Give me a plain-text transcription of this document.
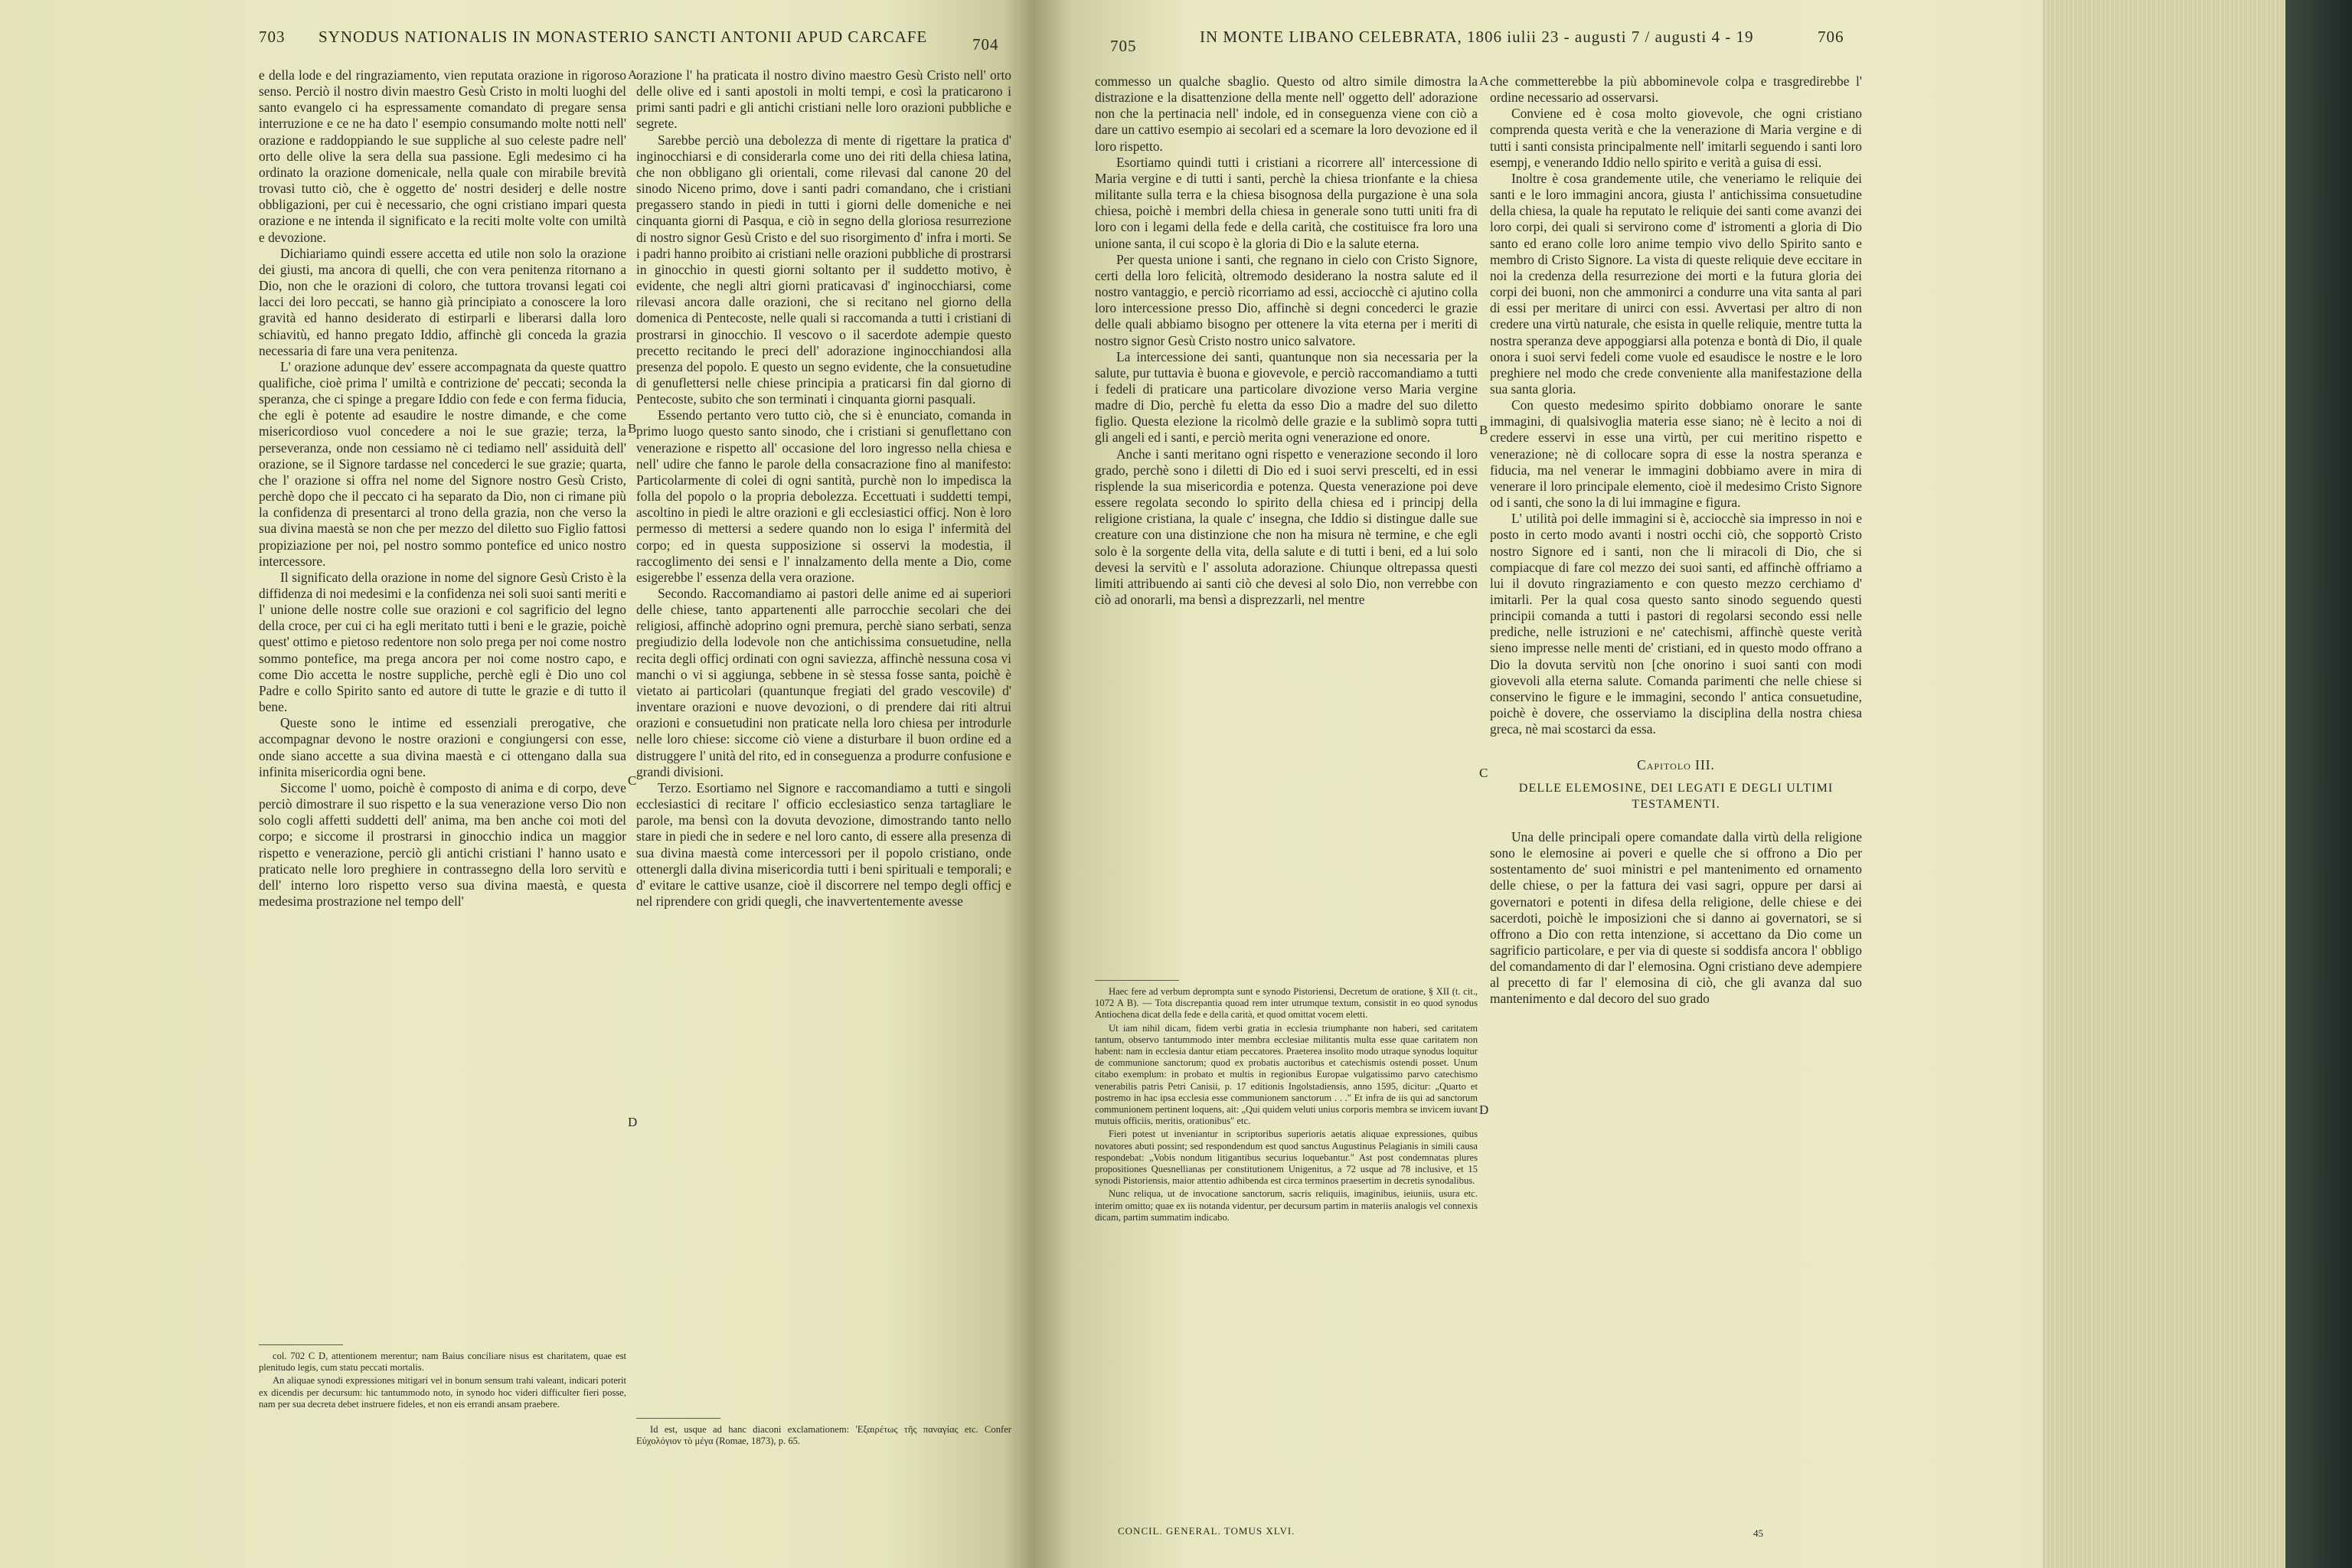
703 SYNODUS NATIONALIS IN MONASTERIO SANCTI ANTONII APUD CARCAFE	704

e della lode e del ringraziamento, vien reputata orazione in rigoroso senso. Perciò il nostro divin maestro Gesù Cristo in molti luoghi del santo evangelo ci ha espressamente comandato di pregare sensa interruzione e ce ne ha dato l' esempio consumando molte notti nell' orazione e raddoppiando le sue suppliche al suo celeste padre nell' orto delle olive la sera della sua passione. Egli medesimo ci ha ordinato la orazione domenicale, nella quale con mirabile brevità trovasi tutto ciò, che è oggetto de' nostri desiderj e delle nostre obbligazioni, per cui è necessario, che ogni cristiano impari questa orazione e ne intenda il significato e la reciti molte volte con umiltà e devozione.

Dichiariamo quindi essere accetta ed utile non solo la orazione dei giusti, ma ancora di quelli, che con vera penitenza ritornano a Dio, non che le orazioni di coloro, che tuttora trovansi legati coi lacci dei loro peccati, se hanno già principiato a conoscere la loro gravità ed hanno desiderato di estirparli e liberarsi dalla loro schiavitù, ed hanno pregato Iddio, affinchè gli conceda la grazia necessaria di fare una vera penitenza.

L' orazione adunque dev' essere accompagnata da queste quattro qualifiche, cioè prima l' umiltà e contrizione de' peccati; seconda la speranza, che ci spinge a pregare Iddio con fede e con ferma fiducia, che egli è potente ad esaudire le nostre dimande, e che come misericordioso vuol concedere a noi le sue grazie; terza, la perseveranza, onde non cessiamo nè ci tediamo nell' assiduità dell' orazione, se il Signore tardasse nel concederci le sue grazie; quarta, che l' orazione si offra nel nome del Signore nostro Gesù Cristo, perchè dopo che il peccato ci ha separato da Dio, non ci rimane più la confidenza di presentarci al trono della grazia, non che verso la sua divina maestà se non che per mezzo del diletto suo Figlio fattosi propiziazione per noi, pel nostro sommo pontefice ed unico nostro intercessore.

Il significato della orazione in nome del signore Gesù Cristo è la diffidenza di noi medesimi e la confidenza nei soli suoi santi meriti e l' unione delle nostre colle sue orazioni e col sagrificio del legno della croce, per cui ci ha egli meritato tutti i beni e le grazie, poichè quest' ottimo e pietoso redentore non solo prega per noi come nostro sommo pontefice, ma prega ancora per noi come nostro capo, e come Dio accetta le nostre suppliche, perchè egli è Dio uno col Padre e collo Spirito santo ed autore di tutte le grazie e di tutto il bene.

Queste sono le intime ed essenziali prerogative, che accompagnar devono le nostre orazioni e congiungersi con esse, onde siano accette a sua divina maestà e ci ottengano dalla sua infinita misericordia ogni bene.

Siccome l' uomo, poichè è composto di anima e di corpo, deve perciò dimostrare il suo rispetto e la sua venerazione verso Dio non solo cogli affetti suddetti dell' anima, ma ben anche coi moti del corpo; e siccome il prostrarsi in ginocchio indica un maggior rispetto e venerazione, perciò gli antichi cristiani l' hanno usato e praticato nelle loro preghiere in contrassegno della loro servitù e dell' interno loro rispetto verso sua divina maestà, e questa medesima prostrazione nel tempo dell'

col. 702 C D, attentionem merentur; nam Baius conciliare nisus est charitatem, quae est plenitudo legis, cum statu peccati mortalis.

An aliquae synodi expressiones mitigari vel in bonum sensum trahi valeant, indicari poterit ex dicendis per decursum: hic tantummodo noto, in synodo hoc videri difficulter fieri posse, nam per sua decreta debet instruere fideles, et non eis errandi ansam praebere.

orazione l' ha praticata il nostro divino maestro Gesù Cristo nell' orto delle olive ed i santi apostoli in molti tempi, e così la praticarono i primi santi padri e gli antichi cristiani nelle loro orazioni pubbliche e segrete.

Sarebbe perciò una debolezza di mente di rigettare la pratica d' inginocchiarsi e di considerarla come uno dei riti della chiesa latina, che non obbligano gli orientali, come rilevasi dal canone 20 del sinodo Niceno primo, dove i santi padri comandano, che i cristiani pregassero stando in piedi in tutti i giorni delle domeniche e nei cinquanta giorni di Pasqua, e ciò in segno della gloriosa resurrezione di nostro signor Gesù Cristo e del suo risorgimento d' infra i morti. Se i padri hanno proibito ai cristiani nelle orazioni pubbliche di prostrarsi in ginocchio in questi giorni soltanto per il suddetto motivo, è evidente, che negli altri giorni praticavasi d' inginocchiarsi, come rilevasi ancora dalle orazioni, che si recitano nel giorno della domenica di Pentecoste, nelle quali si raccomanda a tutti i cristiani di prostrarsi in ginocchio. Il vescovo o il sacerdote adempie questo precetto recitando le preci dell' adorazione inginocchiandosi alla presenza del popolo. E questo un segno evidente, che la consuetudine di genuflettersi nelle chiese principia a praticarsi fin dal giorno di Pentecoste, subito che son terminati i cinquanta giorni pasquali.

Essendo pertanto vero tutto ciò, che si è enunciato, comanda in primo luogo questo santo sinodo, che i cristiani si genuflettano con venerazione e rispetto all' occasione del loro ingresso nella chiesa e nell' udire che fanno le parole della consacrazione fino al manifesto: Particolarmente di colei di ogni santità, purchè non lo impedisca la folla del popolo o la propria debolezza. Eccettuati i suddetti tempi, ascoltino in piedi le altre orazioni e gli ecclesiastici officj. Non è loro permesso di mettersi a sedere quando non lo esiga l' infermità del corpo; ed in questa supposizione si osservi la modestia, il raccoglimento dei sensi e l' innalzamento della mente a Dio, come esigerebbe l' essenza della vera orazione.

Secondo. Raccomandiamo ai pastori delle anime ed ai superiori delle chiese, tanto appartenenti alle parrocchie secolari che dei religiosi, affinchè adoprino ogni premura, perchè siano serbati, senza pregiudizio della lodevole non che antichissima consuetudine, nella recita degli officj ordinati con ogni saviezza, affinchè nessuna cosa vi manchi o vi si aggiunga, sebbene in sè stessa fosse santa, poichè è vietato ai particolari (quantunque fregiati del grado vescovile) d' inventare orazioni e nuove devozioni, o di prendere dai riti altrui orazioni e consuetudini non praticate nella loro chiesa per introdurle nelle loro chiese: siccome ciò viene a disturbare il buon ordine ed a distruggere l' unità del rito, ed in conseguenza a produrre confusione e grandi divisioni.

Terzo. Esortiamo nel Signore e raccomandiamo a tutti e singoli ecclesiastici di recitare l' officio ecclesiastico senza tartagliare le parole, ma bensì con la dovuta devozione, dimostrando tanto nello stare in piedi che in sedere e nel loro canto, di essere alla presenza di sua divina maestà come intercessori per il popolo cristiano, onde ottenergli dalla divina misericordia tutti i beni spirituali e temporali; e d' evitare le cattive usanze, cioè il discorrere nel tempo degli officj e nel riprendere con gridi quegli, che inavvertentemente avesse

Id est, usque ad hanc diaconi exclamationem: 'Εξαιρέτως τῆς παναγίας etc. Confer Εὐχολόγιον τὸ μέγα (Romae, 1873), p. 65.

A
B
C
D
705	IN MONTE LIBANO CELEBRATA, 1806 iulii 23 - augusti 7 / augusti 4 - 19	706

commesso un qualche sbaglio. Questo od altro simile dimostra la distrazione e la disattenzione della mente nell' oggetto dell' adorazione non che la pertinacia nell' indole, ed in conseguenza viene con ciò a dare un cattivo esempio ai secolari ed a scemare la loro devozione ed il loro rispetto.

Esortiamo quindi tutti i cristiani a ricorrere all' intercessione di Maria vergine e di tutti i santi, perchè la chiesa trionfante e la chiesa militante sulla terra e la chiesa bisognosa della purgazione è una sola chiesa, poichè i membri della chiesa in generale sono tutti uniti fra di loro con i legami della fede e della carità, che costituisce fra loro una unione santa, il cui scopo è la gloria di Dio e la salute eterna.

Per questa unione i santi, che regnano in cielo con Cristo Signore, certi della loro felicità, oltremodo desiderano la nostra salute ed il nostro vantaggio, e perciò ricorriamo ad essi, acciocchè ci ajutino colla loro intercessione presso Dio, affinchè si degni concederci le grazie delle quali abbiamo bisogno per ottenere la vita eterna per i meriti di nostro signor Gesù Cristo nostro unico salvatore.

La intercessione dei santi, quantunque non sia necessaria per la salute, pur tuttavia è buona e giovevole, e perciò raccomandiamo a tutti i fedeli di praticare una particolare divozione verso Maria vergine madre di Dio, perchè fu eletta da esso Dio a madre del suo diletto figlio. Questa elezione la ricolmò delle grazie e la sublimò sopra tutti gli angeli ed i santi, e perciò merita ogni venerazione ed onore.

Anche i santi meritano ogni rispetto e venerazione secondo il loro grado, perchè sono i diletti di Dio ed i suoi servi prescelti, ed in essi risplende la sua misericordia e potenza. Questa venerazione poi deve essere regolata secondo lo spirito della chiesa ed i principj della religione cristiana, la quale c' insegna, che Iddio si distingue dalle sue creature con una distinzione che non ha misura nè termine, e che egli solo è la sorgente della vita, della salute e di tutti i beni, ed a lui solo devesi la servitù e l' assoluta adorazione. Chiunque oltrepassa questi limiti attribuendo ai santi ciò che devesi al solo Dio, non verrebbe con ciò ad onorarli, ma bensì a disprezzarli, nel mentre

Haec fere ad verbum deprompta sunt e synodo Pistoriensi, Decretum de oratione, § XII (t. cit., 1072 A B). — Tota discrepantia quoad rem inter utrumque textum, consistit in eo quod synodus Antiochena dicat della fede e della carità, et quod omittat vocem eletti.

Ut iam nihil dicam, fidem verbi gratia in ecclesia triumphante non haberi, sed caritatem tantum, observo tantummodo inter membra ecclesiae militantis multa esse quae caritatem non habent: nam in ecclesia dantur etiam peccatores. Praeterea insolito modo utraque synodus loquitur de communione sanctorum; quod ex probatis auctoribus et catechismis ostendi posset. Unum citabo exemplum: in probato et multis in regionibus Europae vulgatissimo parvo catechismo venerabilis patris Petri Canisii, p. 17 editionis Ingolstadiensis, anno 1595, dicitur: „Quarto et postremo in hac ipsa ecclesia esse communionem sanctorum . . ." Et infra de iis qui ad sanctorum communionem pertinent loquens, ait: „Qui quidem veluti unius corporis membra se invicem iuvant mutuis officiis, meritis, orationibus" etc.

Fieri potest ut inveniantur in scriptoribus superioris aetatis aliquae expressiones, quibus novatores abuti possint; sed respondendum est quod sanctus Augustinus Pelagianis in simili causa respondebat: „Vobis nondum litigantibus securius loquebantur." Ast post condemnatas plures propositiones Quesnellianas per constitutionem Unigenitus, a 72 usque ad 78 inclusive, et 15 synodi Pistoriensis, maior attentio adhibenda est circa terminos praesertim in decretis synodalibus.

Nunc reliqua, ut de invocatione sanctorum, sacris reliquiis, imaginibus, ieiuniis, usura etc. interim omitto; quae ex iis notanda videntur, per decursum partim in materiis analogis vel connexis dicam, partim summatim indicabo.

CONCIL. GENERAL. TOMUS XLVI.

che commetterebbe la più abbominevole colpa e trasgredirebbe l' ordine necessario ad osservarsi.

Conviene ed è cosa molto giovevole, che ogni cristiano comprenda questa verità e che la venerazione di Maria vergine e di tutti i santi consista principalmente nell' imitarli seguendo i santi loro esempj, e venerando Iddio nello spirito e verità a guisa di essi.

Inoltre è cosa grandemente utile, che veneriamo le reliquie dei santi e le loro immagini ancora, giusta l' antichissima consuetudine della chiesa, la quale ha reputato le reliquie dei santi come avanzi dei loro corpi, dei quali si servirono come d' istromenti a gloria di Dio santo ed erano colle loro anime tempio vivo dello Spirito santo e membro di Cristo Signore. La vista di queste reliquie deve eccitare in noi la credenza della resurrezione dei morti e la futura gloria dei corpi dei buoni, non che ammonirci a condurre una vita santa al pari di essi per meritare di unirci con essi. Avvertasi per altro di non credere una virtù naturale, che esista in quelle reliquie, mentre tutta la nostra speranza deve appoggiarsi alla potenza e bontà di Dio, il quale onora i suoi servi fedeli come vuole ed esaudisce le nostre e le loro preghiere nel modo che crede conveniente alla manifestazione della sua santa gloria.

Con questo medesimo spirito dobbiamo onorare le sante immagini, di qualsivoglia materia esse siano; nè è lecito a noi di credere esservi in esse una virtù, per cui meritino rispetto e venerazione; nè di collocare sopra di esse la nostra speranza e fiducia, ma nel venerar le immagini dobbiamo avere in mira di venerare il loro principale elemento, cioè il medesimo Cristo Signore od i santi, che sono la di lui immagine e figura.

L' utilità poi delle immagini si è, acciocchè sia impresso in noi e posto in certo modo avanti i nostri occhi ciò, che sopportò Cristo nostro Signore ed i santi, non che li miracoli di Dio, che si compiacque di fare col mezzo dei suoi santi, ed affinchè offriamo a lui il dovuto ringraziamento e con questo mezzo cerchiamo d' imitarli. Per la qual cosa questo santo sinodo seguendo questi principii comanda a tutti i pastori di regolarsi secondo essi nelle prediche, nelle istruzioni e ne' catechismi, affinchè queste verità sieno impresse nelle menti de' cristiani, ed in questo modo offrano a Dio la dovuta servitù non [che onorino i suoi santi con modi giovevoli alla eterna salute. Comanda parimenti che nelle chiese si conservino le figure e le immagini, secondo l' antica consuetudine, poichè è dovere, che osserviamo la disciplina della nostra chiesa greca, nè mai scostarci da essa.

Capitolo III.

DELLE ELEMOSINE, DEI LEGATI E DEGLI ULTIMI TESTAMENTI.

Una delle principali opere comandate dalla virtù della religione sono le elemosine ai poveri e quelle che si offrono a Dio per sostentamento de' suoi ministri e pel mantenimento ed ornamento delle chiese, o per la fattura dei vasi sagri, oppure per darsi ai governatori e potenti in difesa della religione, delle chiese e dei sacerdoti, poichè le imposizioni che si danno ai governatori, se si offrono a Dio con retta intenzione, si accettano da Dio come un sagrificio particolare, e per via di queste si soddisfa ancora l' obbligo del comandamento di dar l' elemosina. Ogni cristiano deve adempiere al precetto di far l' elemosina di ciò, che gli avanza dal suo mantenimento e dal decoro del suo grado

45
A
B
C
D
